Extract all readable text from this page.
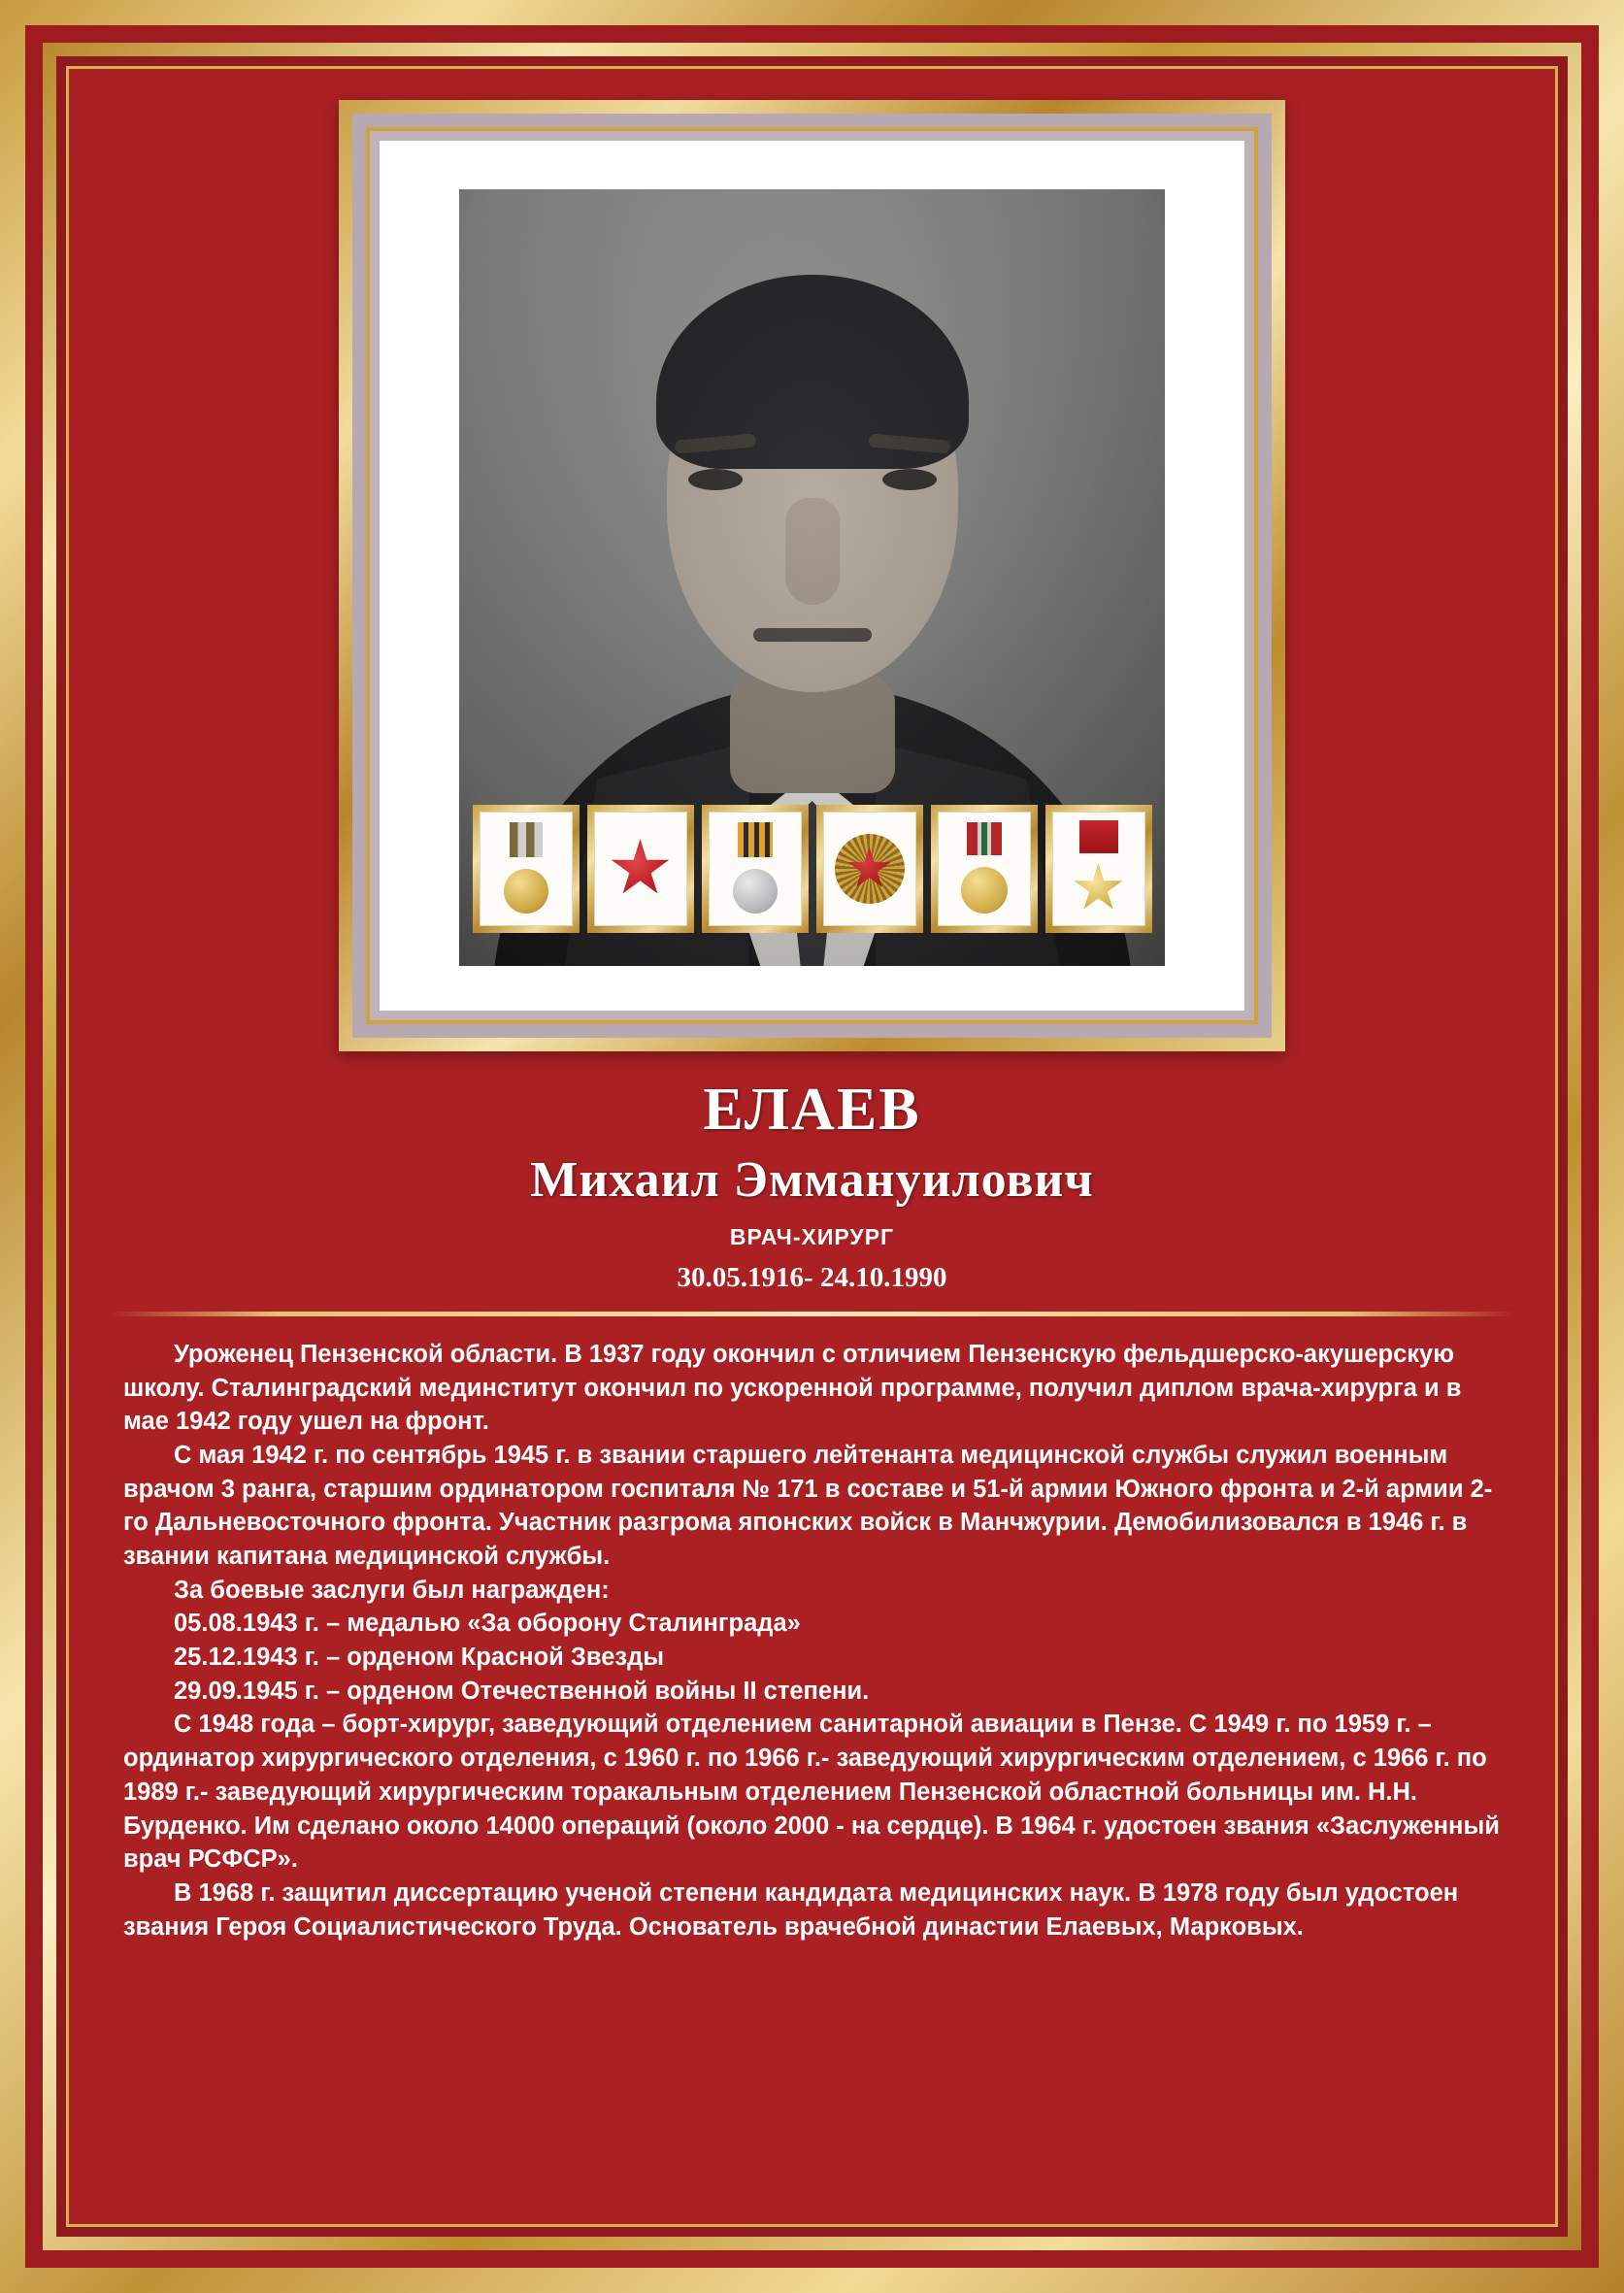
ЕЛАЕВ
Михаил Эммануилович
ВРАЧ-ХИРУРГ
30.05.1916- 24.10.1990

Уроженец Пензенской области. В 1937 году окончил с отличием Пензенскую фельдшерско-акушерскую школу. Сталинградский мединститут окончил по ускоренной программе, получил диплом врача-хирурга и в мае 1942 году ушел на фронт.

С мая 1942 г. по сентябрь 1945 г. в звании старшего лейтенанта медицинской службы служил военным врачом 3 ранга, старшим ординатором госпиталя № 171 в составе и 51-й армии Южного фронта и 2-й армии 2-го Дальневосточного фронта. Участник разгрома японских войск в Манчжурии. Демобилизовался в 1946 г. в звании капитана медицинской службы.

За боевые заслуги был награжден:

05.08.1943 г. – медалью «За оборону Сталинграда»

25.12.1943 г. – орденом Красной Звезды

29.09.1945 г. – орденом Отечественной войны II степени.

С 1948 года – борт-хирург, заведующий отделением санитарной авиации в Пензе. С 1949 г. по 1959 г. – ординатор хирургического отделения, с 1960 г. по 1966 г.- заведующий хирургическим отделением, с 1966 г. по 1989 г.- заведующий хирургическим торакальным отделением Пензенской областной больницы им. Н.Н. Бурденко. Им сделано около 14000 операций (около 2000 - на сердце). В 1964 г. удостоен звания «Заслуженный врач РСФСР».

В 1968 г. защитил диссертацию ученой степени кандидата медицинских наук. В 1978 году был удостоен звания Героя Социалистического Труда. Основатель врачебной династии Елаевых, Марковых.
